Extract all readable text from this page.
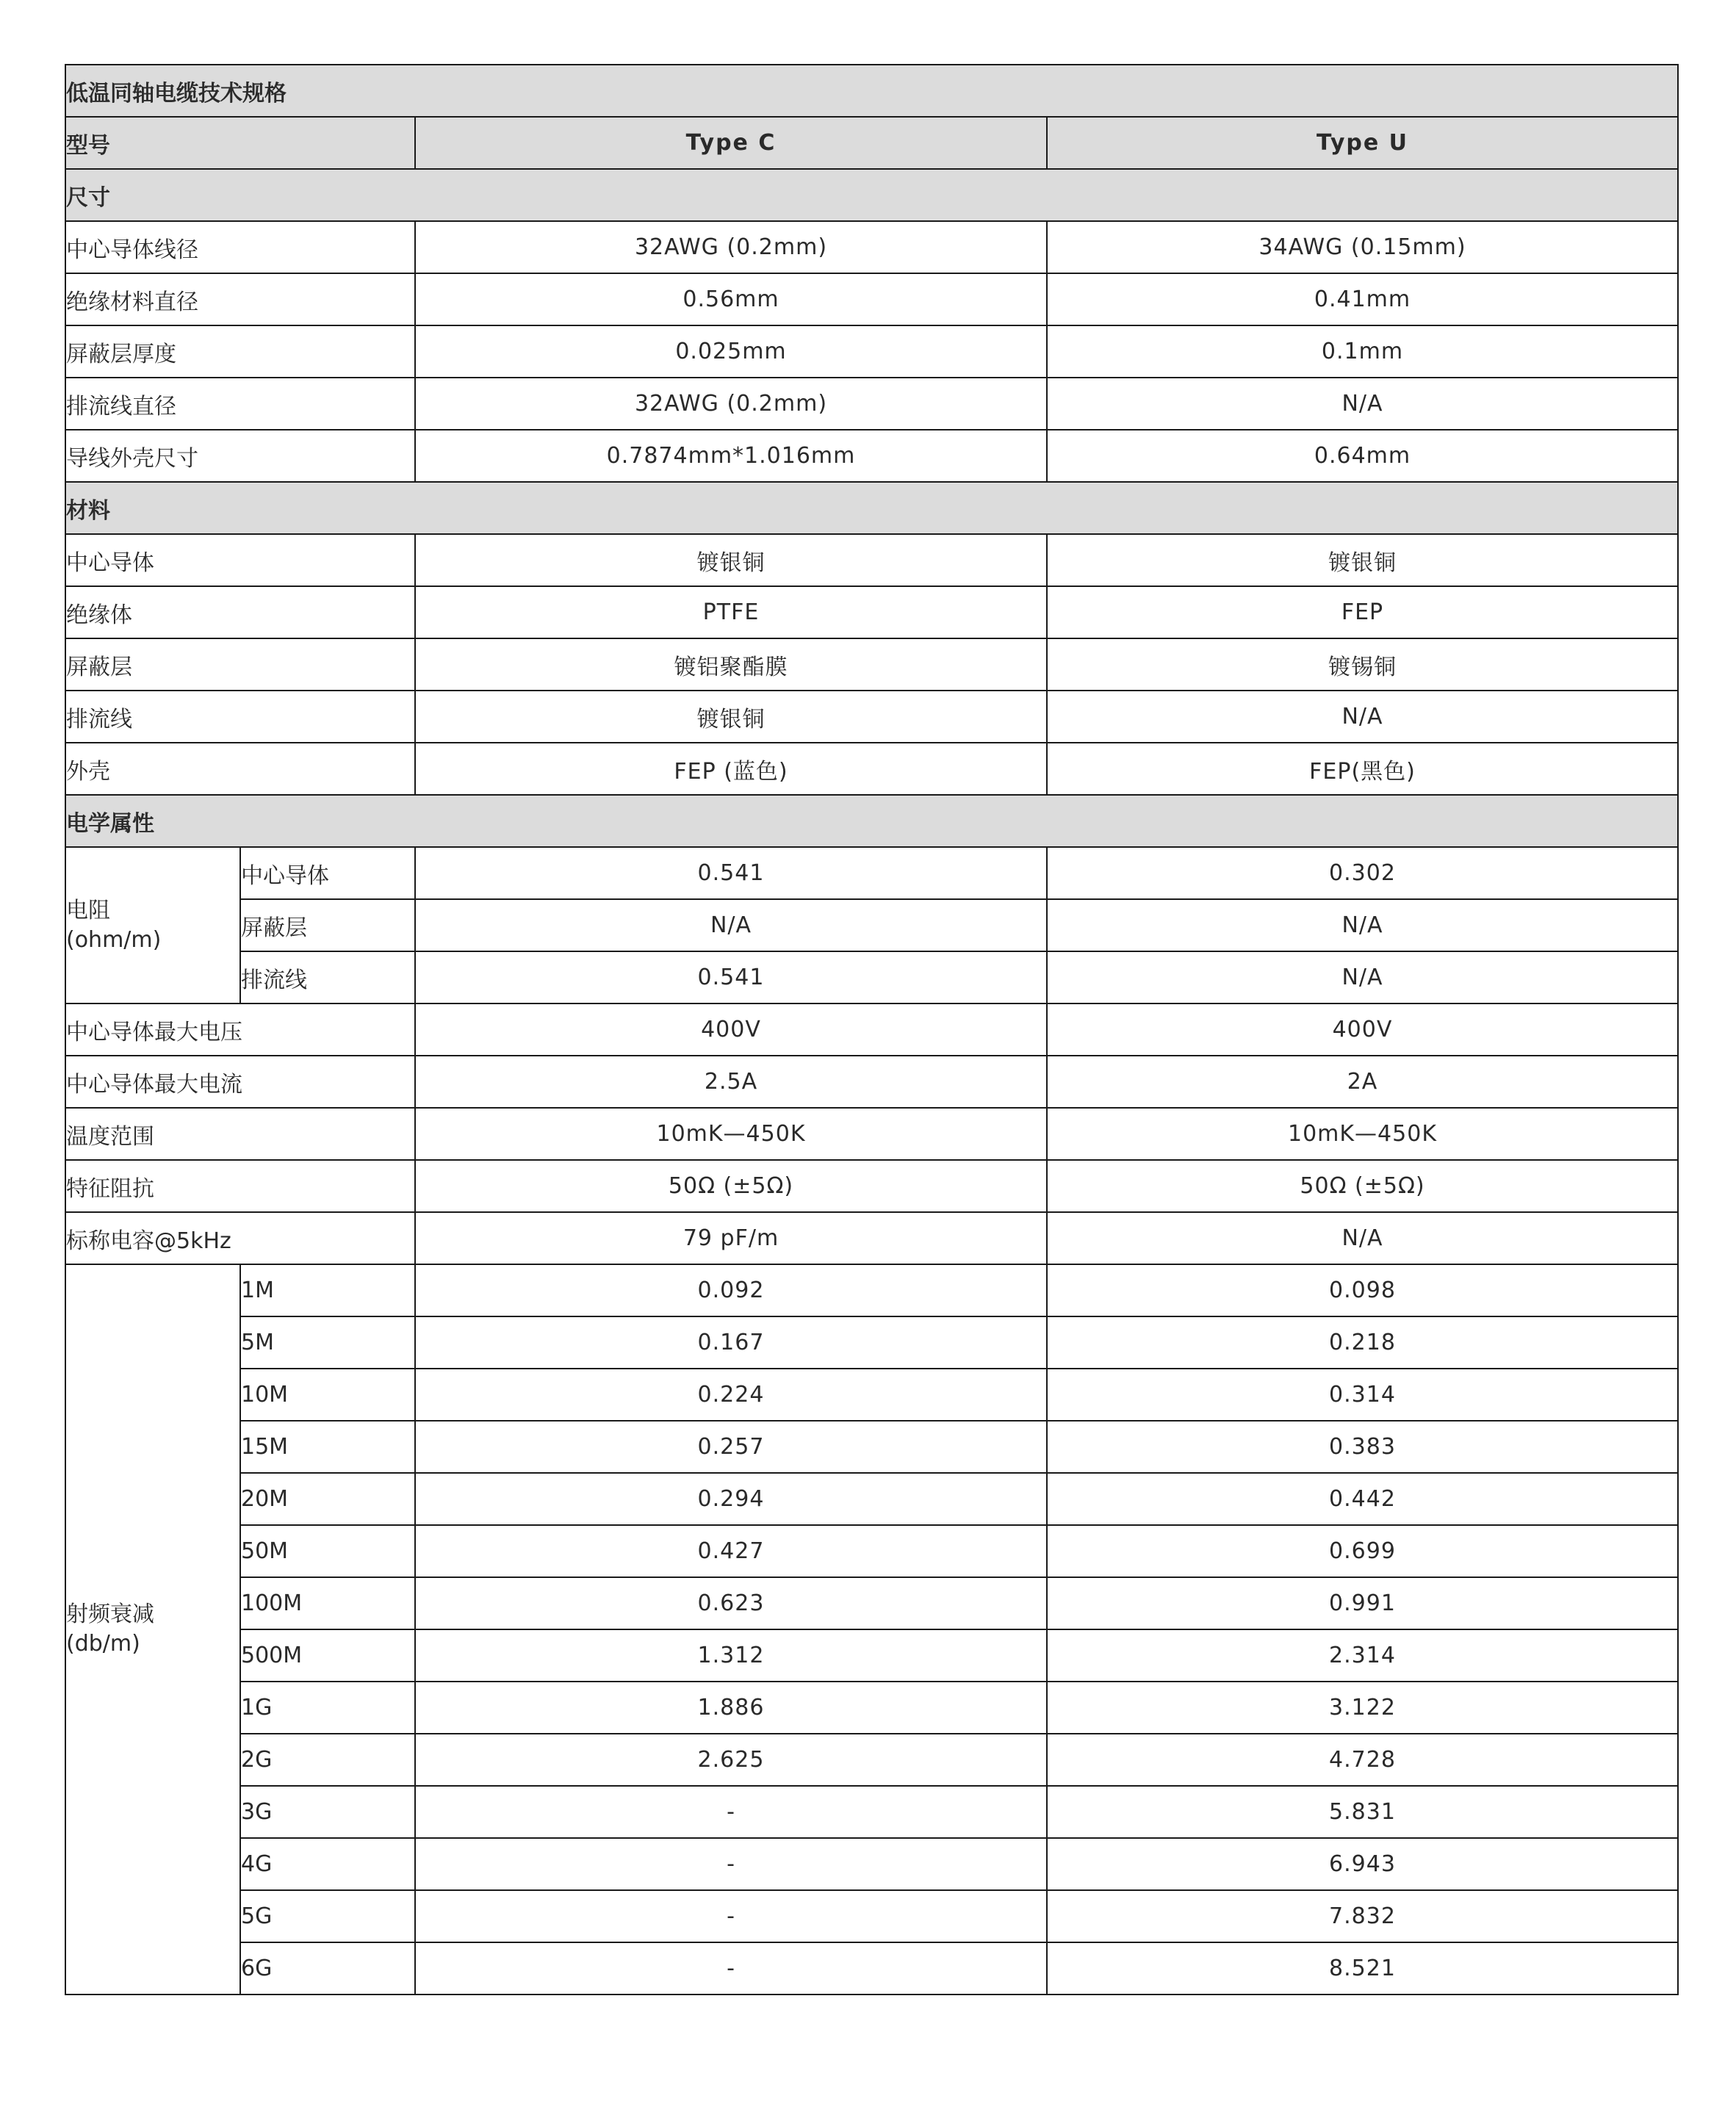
低温同轴电缆技术规格			
型号		Type C	Type U
尺寸			
中心导体线径		32AWG (0.2mm)	34AWG (0.15mm)
绝缘材料直径		0.56mm	0.41mm
屏蔽层厚度		0.025mm	0.1mm
排流线直径		32AWG (0.2mm)	N/A
导线外壳尺寸		0.7874mm*1.016mm	0.64mm
材料			
中心导体		镀银铜	镀银铜
绝缘体		PTFE	FEP
屏蔽层		镀铝聚酯膜	镀锡铜
排流线		镀银铜	N/A
外壳		FEP (蓝色)	FEP(黑色)
电学属性			

电阻
(ohm/m)	中心导体	0.541	0.302
	屏蔽层	N/A	N/A
	排流线	0.541	N/A
中心导体最大电压		400V	400V
中心导体最大电流		2.5A	2A
温度范围		10mK—450K	10mK—450K
特征阻抗		50Ω (±5Ω)	50Ω (±5Ω)
标称电容@5kHz		79 pF/m	N/A

射频衰减
(db/m)	1M	0.092	0.098
	5M	0.167	0.218
	10M	0.224	0.314
	15M	0.257	0.383
	20M	0.294	0.442
	50M	0.427	0.699
	100M	0.623	0.991
	500M	1.312	2.314
	1G	1.886	3.122
	2G	2.625	4.728
	3G	-	5.831
	4G	-	6.943
	5G	-	7.832
	6G	-	8.521
